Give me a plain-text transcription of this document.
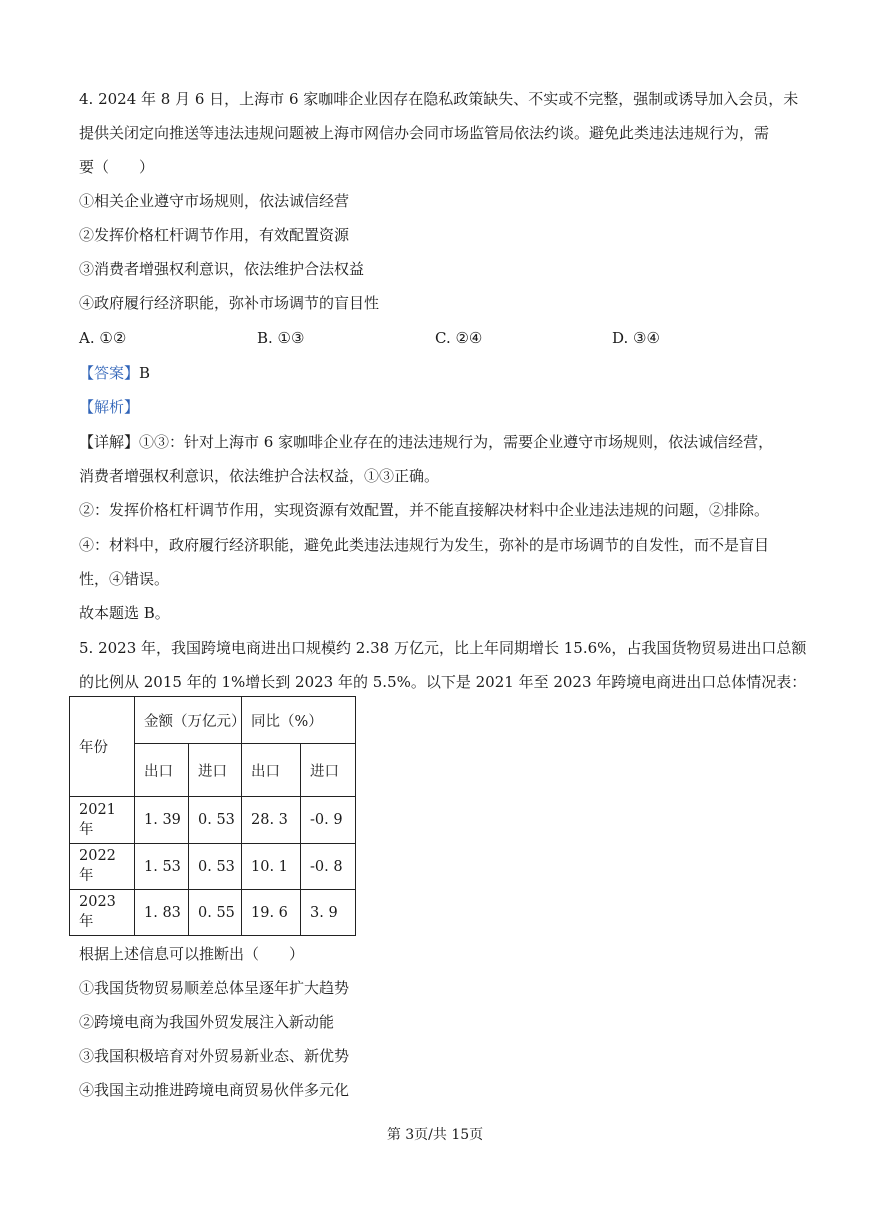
4. 2024 年 8 月 6 日，上海市 6 家咖啡企业因存在隐私政策缺失、不实或不完整，强制或诱导加入会员，未
提供关闭定向推送等违法违规问题被上海市网信办会同市场监管局依法约谈。避免此类违法违规行为，需
要（　　）
①相关企业遵守市场规则，依法诚信经营
②发挥价格杠杆调节作用，有效配置资源
③消费者增强权利意识，依法维护合法权益
④政府履行经济职能，弥补市场调节的盲目性
A. ①②	B. ①③	C. ②④	D. ③④
【答案】B
【解析】
【详解】①③：针对上海市 6 家咖啡企业存在的违法违规行为，需要企业遵守市场规则，依法诚信经营，
消费者增强权利意识，依法维护合法权益，①③正确。
②：发挥价格杠杆调节作用，实现资源有效配置，并不能直接解决材料中企业违法违规的问题，②排除。
④：材料中，政府履行经济职能，避免此类违法违规行为发生，弥补的是市场调节的自发性，而不是盲目
性，④错误。
故本题选 B。
5. 2023 年，我国跨境电商进出口规模约 2.38 万亿元，比上年同期增长 15.6%，占我国货物贸易进出口总额
的比例从 2015 年的 1%增长到 2023 年的 5.5%。以下是 2021 年至 2023 年跨境电商进出口总体情况表：
年份	金额（万亿元）		同比（%）	
	出口	进口	出口	进口
2021 年	1. 39	0. 53	28. 3	-0. 9
2022 年	1. 53	0. 53	10. 1	-0. 8
2023 年	1. 83	0. 55	19. 6	3. 9
根据上述信息可以推断出（　　）
①我国货物贸易顺差总体呈逐年扩大趋势
②跨境电商为我国外贸发展注入新动能
③我国积极培育对外贸易新业态、新优势
④我国主动推进跨境电商贸易伙伴多元化
第 3页/共 15页
